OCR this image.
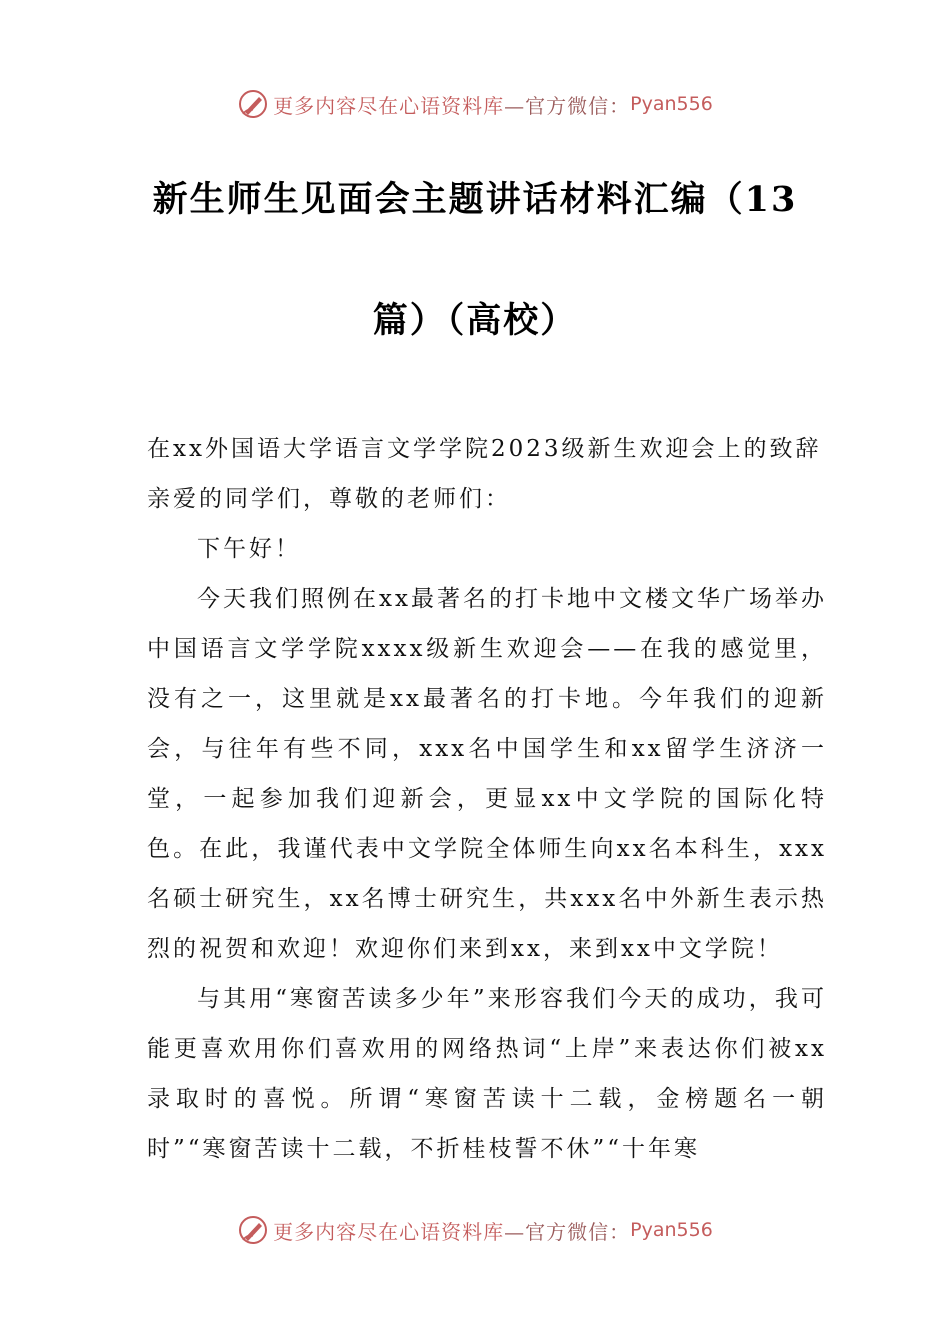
更多内容尽在心语资料库 —官方微信： Pyan556
新生师生见面会主题讲话材料汇编（13
篇）（高校）

在xx外国语大学语言文学学院2023级新生欢迎会上的致辞

亲爱的同学们，尊敬的老师们：

下午好！

今天我们照例在xx最著名的打卡地中文楼文华广场举办中国语言文学学院xxxx级新生欢迎会——在我的感觉里，没有之一，这里就是xx最著名的打卡地。今年我们的迎新会，与往年有些不同，xxx名中国学生和xx留学生济济一堂，一起参加我们迎新会，更显xx中文学院的国际化特色。在此，我谨代表中文学院全体师生向xx名本科生，xxx名硕士研究生，xx名博士研究生，共xxx名中外新生表示热烈的祝贺和欢迎！欢迎你们来到xx，来到xx中文学院！

与其用“寒窗苦读多少年”来形容我们今天的成功，我可能更喜欢用你们喜欢用的网络热词“上岸”来表达你们被xx录取时的喜悦。所谓“寒窗苦读十二载，金榜题名一朝时”“寒窗苦读十二载，不折桂枝誓不休”“十年寒

更多内容尽在心语资料库 —官方微信： Pyan556
